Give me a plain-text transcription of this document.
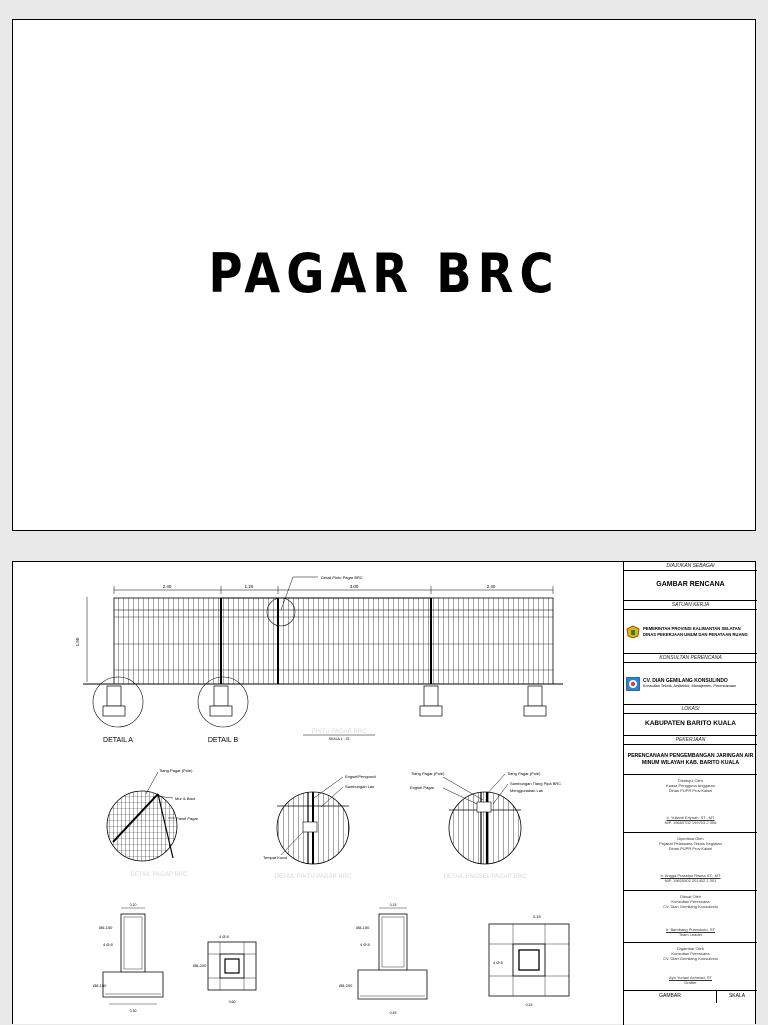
PAGAR BRC
2.40	1.20	3.00	2.40
1.50
Detail Pintu Pagar BRC
DETAIL A	DETAIL B
PINTU PAGAR BRC
SKALA 1 : 25
Tiang Pagar (Pole)
Mur & Baut
Panel Pagar
DETAIL PAGAR BRC
Engsel/Penguncii
Sambungan Las
Tempat Kunci
DETAIL PINTU PAGAR BRC
Tiang Pagar (Pole)
Tiang Pagar (Pole)
Sambungan Tiang Pipa BRC
Engsel Pagar
Menggunakan Las
DETAIL ENGSEL PAGAR BRC
0.20
Ø6-150
4 Ø 8
Ø8-150
0.30
4 Ø 8
Ø8-200
0.60
0.15
Ø8-150
4 Ø 8
Ø8-200
0.45
0.15
4 Ø 8
0.15
DIAJUKAN SEBAGAI
GAMBAR RENCANA
SATUAN KERJA
PEMERINTAH PROVINSI KALIMANTAN SELATAN
DINAS PEKERJAAN UMUM DAN PENATAAN RUANG
KONSULTAN PERENCANA
CV. DIAN GEMILANG KONSULINDO
Konsultan Teknik, Arsitektur, Manajemen, Perencanaan
LOKASI
KABUPATEN BARITO KUALA
PEKERJAAN
PERENCANAAN PENGEMBANGAN JARINGAN AIR MINUM WILAYAH KAB. BARITO KUALA
Disetujui Oleh
Kuasa Pengguna Anggaran
Dinas PUPR Prov.Kalsel
Ir. Yulianti Erlynah, ST., MT
NIP. 19680702 199703 2 006
Diperiksa Oleh
Pejabat Pelaksana Teknis Kegiatan
Dinas PUPR Prov.Kalsel
Ir. Angga Prasetyo Risma ST., MT
NIP. 19820502 201402 1 001
Dibuat Oleh
Konsultan Perencana
CV. Dian Gemilang Konsulindo
Ir. Bambang Purwokoto, ST
Team Leader
Digambar Oleh
Konsultan Perencana
CV. Dian Gemilang Konsulindo
Ayu Yuriani Achmad, ST
Drafter
GAMBAR	SKALA
